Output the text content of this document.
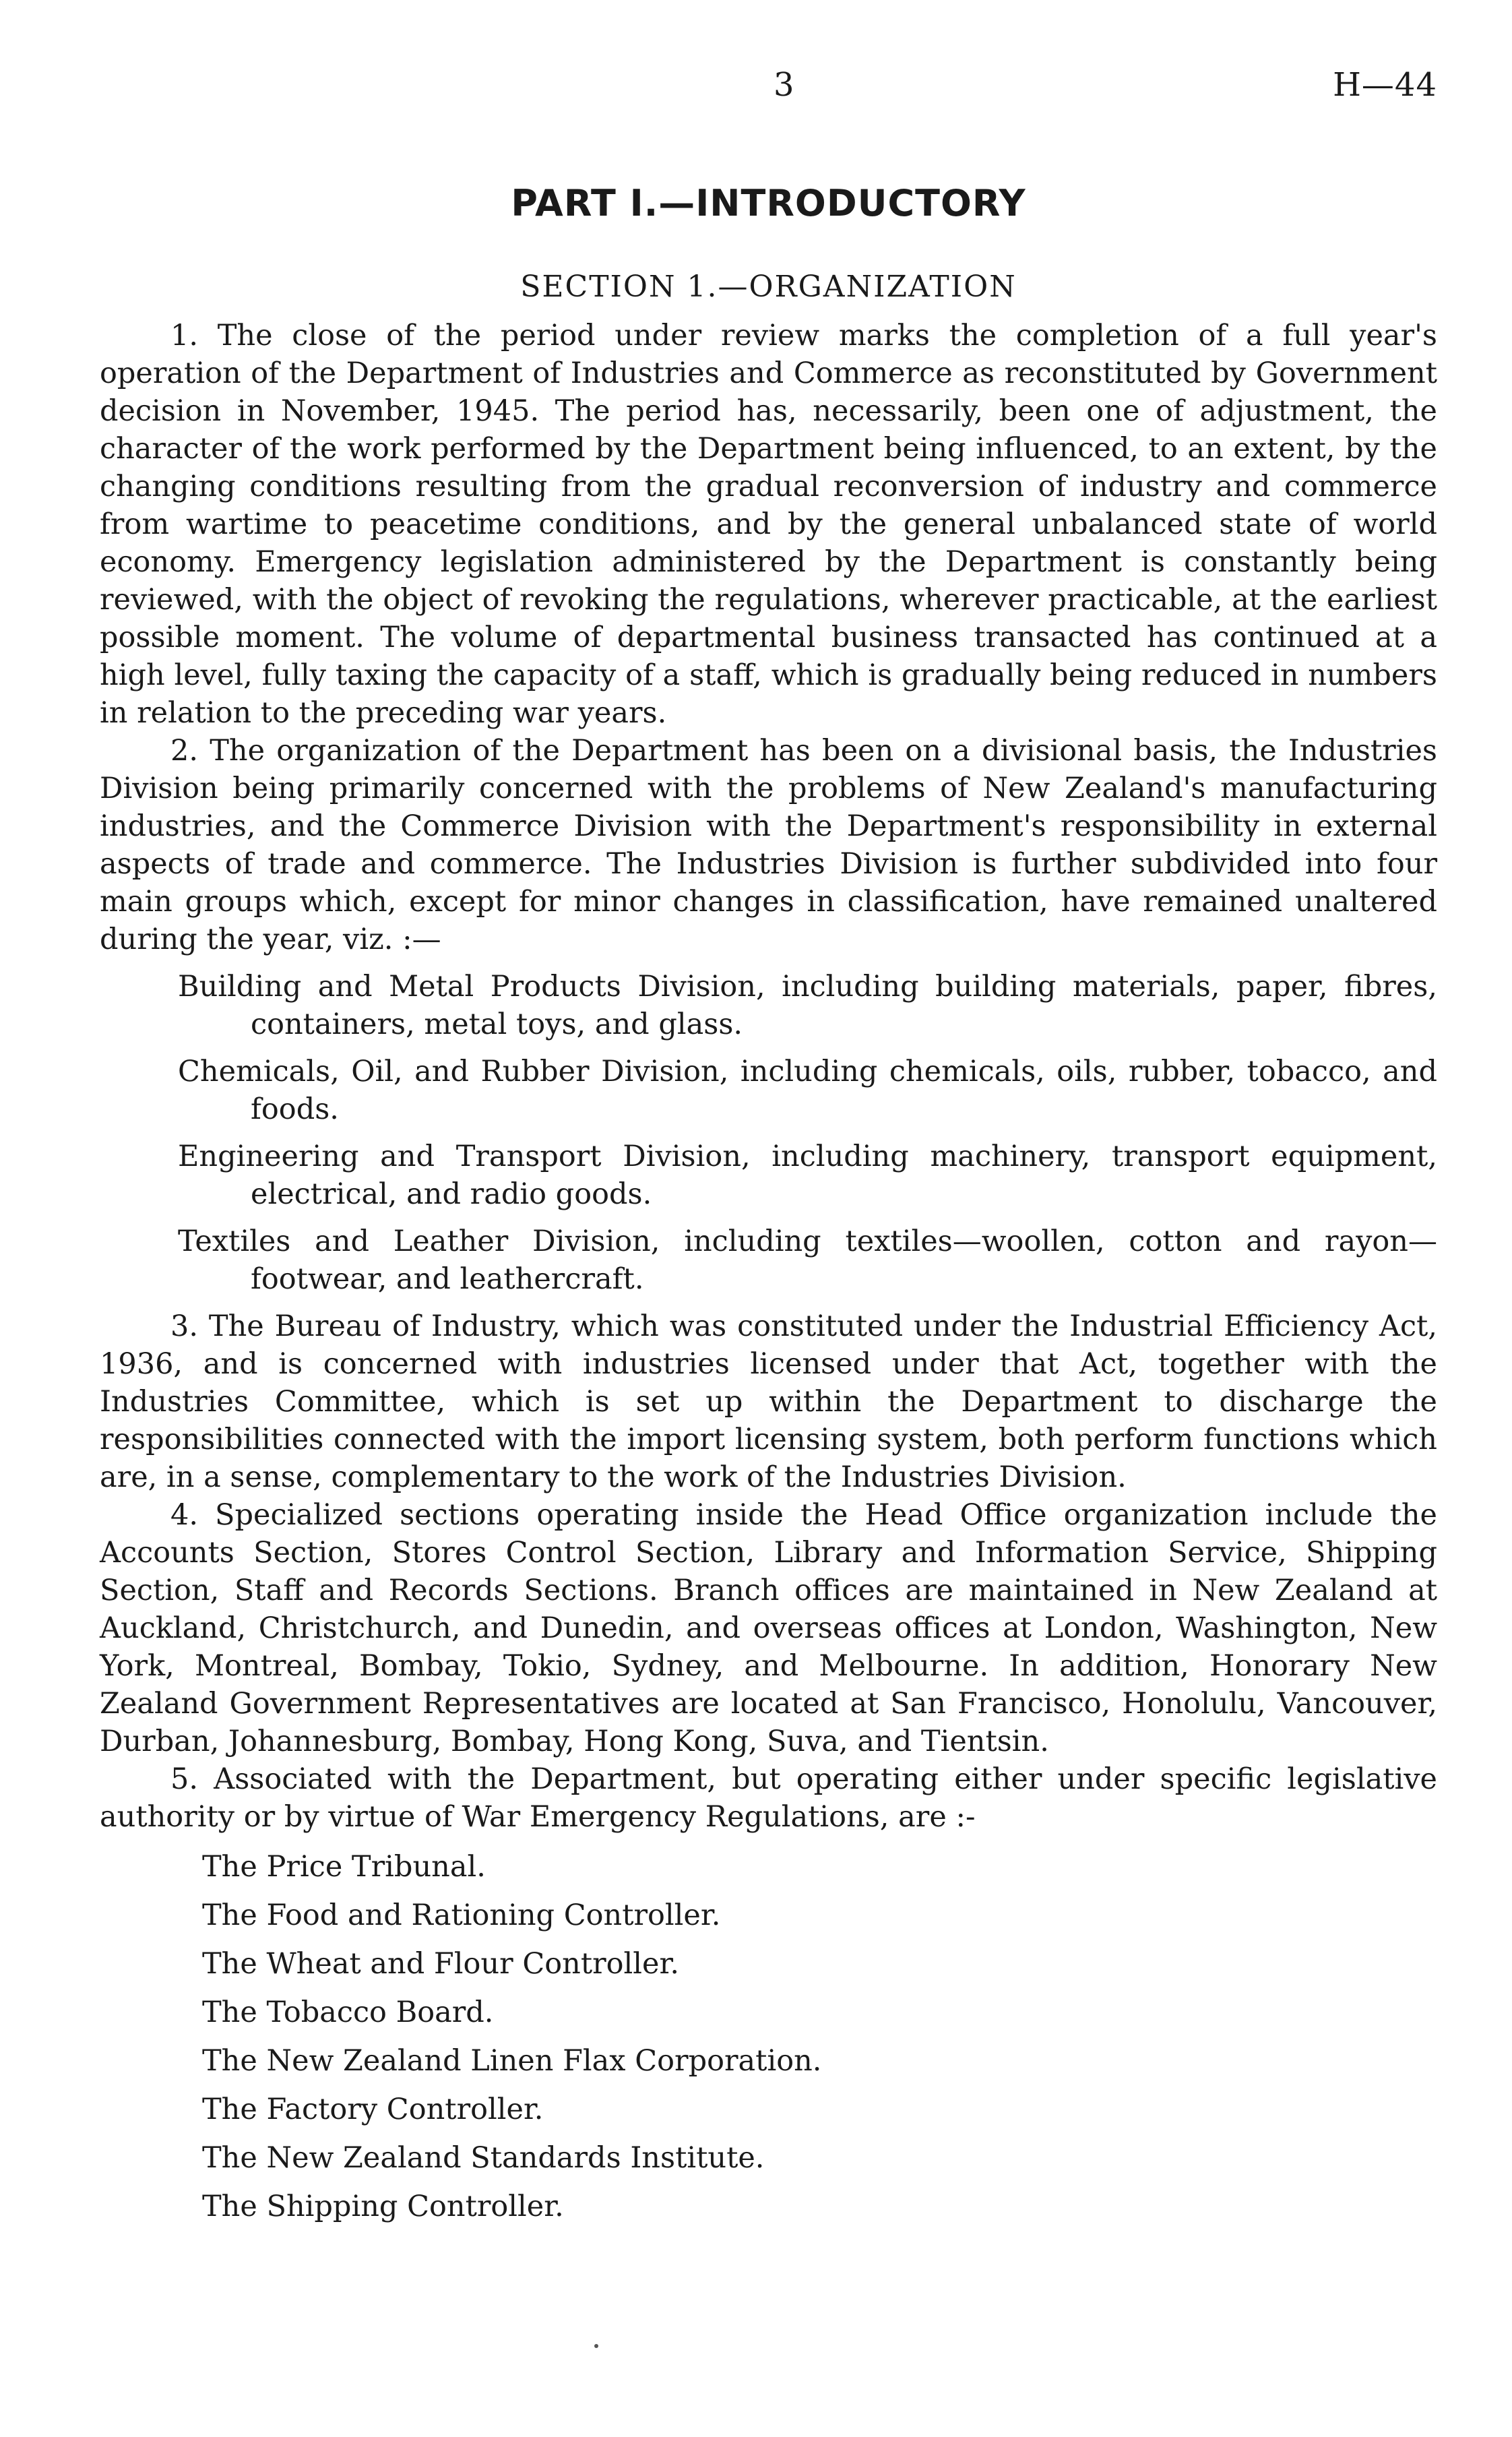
3	H—44
PART I.—INTRODUCTORY
SECTION 1.—ORGANIZATION

1. The close of the period under review marks the completion of a full year's operation of the Department of Industries and Commerce as reconstituted by Government decision in November, 1945. The period has, necessarily, been one of adjustment, the character of the work performed by the Department being influenced, to an extent, by the changing conditions resulting from the gradual reconversion of industry and commerce from wartime to peacetime conditions, and by the general unbalanced state of world economy. Emergency legislation administered by the Department is constantly being reviewed, with the object of revoking the regulations, wherever practicable, at the earliest possible moment. The volume of departmental business transacted has continued at a high level, fully taxing the capacity of a staff, which is gradually being reduced in numbers in relation to the preceding war years.

2. The organization of the Department has been on a divisional basis, the Industries Division being primarily concerned with the problems of New Zealand's manufacturing industries, and the Commerce Division with the Department's responsibility in external aspects of trade and commerce. The Industries Division is further subdivided into four main groups which, except for minor changes in classification, have remained unaltered during the year, viz. :—

Building and Metal Products Division, including building materials, paper, fibres, containers, metal toys, and glass.
Chemicals, Oil, and Rubber Division, including chemicals, oils, rubber, tobacco, and foods.
Engineering and Transport Division, including machinery, transport equipment, electrical, and radio goods.
Textiles and Leather Division, including textiles—woollen, cotton and rayon—footwear, and leathercraft.

3. The Bureau of Industry, which was constituted under the Industrial Efficiency Act, 1936, and is concerned with industries licensed under that Act, together with the Industries Committee, which is set up within the Department to discharge the responsibilities connected with the import licensing system, both perform functions which are, in a sense, complementary to the work of the Industries Division.

4. Specialized sections operating inside the Head Office organization include the Accounts Section, Stores Control Section, Library and Information Service, Shipping Section, Staff and Records Sections. Branch offices are maintained in New Zealand at Auckland, Christchurch, and Dunedin, and overseas offices at London, Washington, New York, Montreal, Bombay, Tokio, Sydney, and Melbourne. In addition, Honorary New Zealand Government Representatives are located at San Francisco, Honolulu, Vancouver, Durban, Johannesburg, Bombay, Hong Kong, Suva, and Tientsin.

5. Associated with the Department, but operating either under specific legislative authority or by virtue of War Emergency Regulations, are :-

The Price Tribunal.
The Food and Rationing Controller.
The Wheat and Flour Controller.
The Tobacco Board.
The New Zealand Linen Flax Corporation.
The Factory Controller.
The New Zealand Standards Institute.
The Shipping Controller.
